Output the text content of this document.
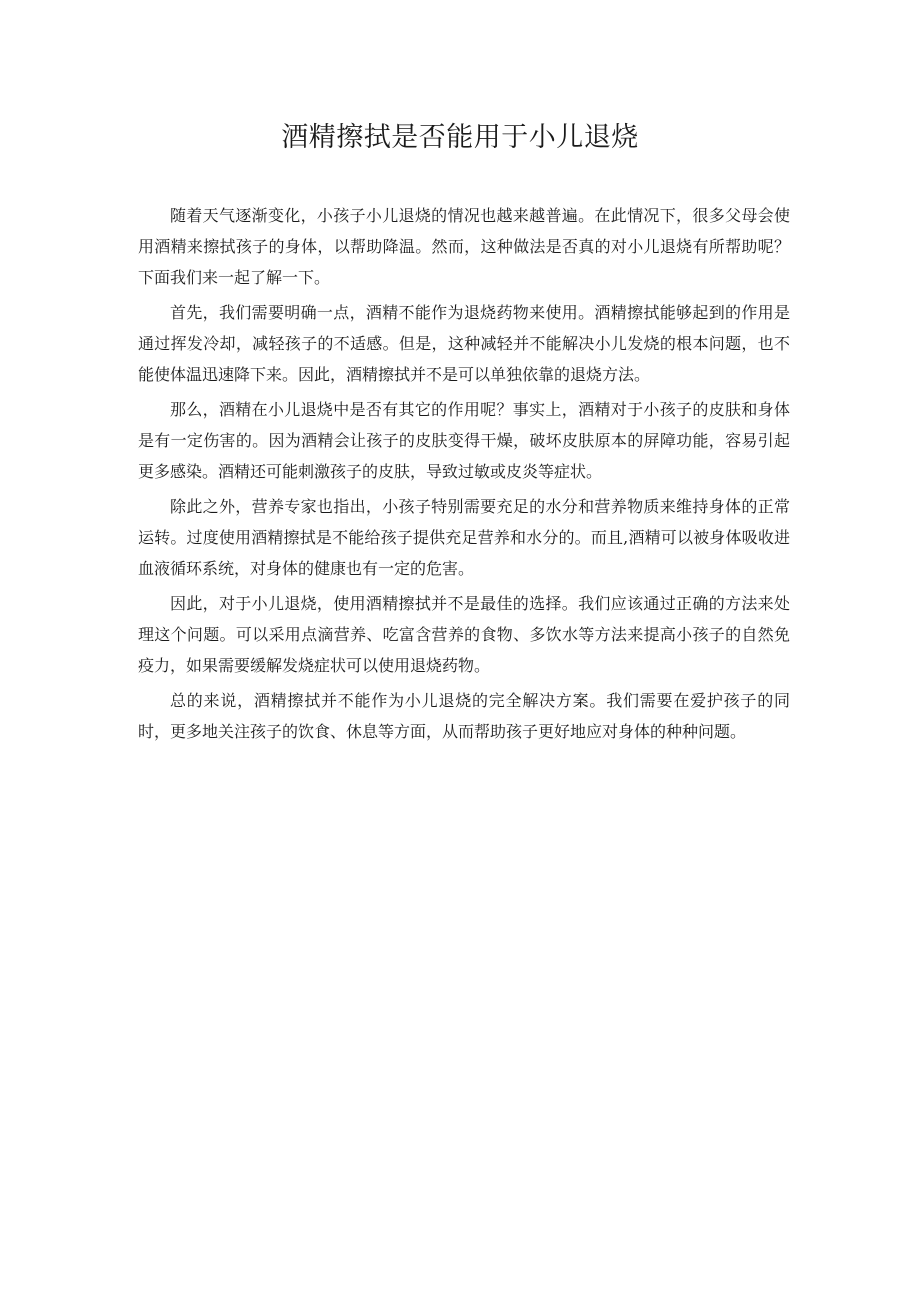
酒精擦拭是否能用于小儿退烧

随着天气逐渐变化，小孩子小儿退烧的情况也越来越普遍。在此情况下，很多父母会使用酒精来擦拭孩子的身体，以帮助降温。然而，这种做法是否真的对小儿退烧有所帮助呢？下面我们来一起了解一下。

首先，我们需要明确一点，酒精不能作为退烧药物来使用。酒精擦拭能够起到的作用是通过挥发冷却，减轻孩子的不适感。但是，这种减轻并不能解决小儿发烧的根本问题，也不能使体温迅速降下来。因此，酒精擦拭并不是可以单独依靠的退烧方法。

那么，酒精在小儿退烧中是否有其它的作用呢？事实上，酒精对于小孩子的皮肤和身体是有一定伤害的。因为酒精会让孩子的皮肤变得干燥，破坏皮肤原本的屏障功能，容易引起更多感染。酒精还可能刺激孩子的皮肤，导致过敏或皮炎等症状。

除此之外，营养专家也指出，小孩子特别需要充足的水分和营养物质来维持身体的正常运转。过度使用酒精擦拭是不能给孩子提供充足营养和水分的。而且,酒精可以被身体吸收进血液循环系统，对身体的健康也有一定的危害。

因此，对于小儿退烧，使用酒精擦拭并不是最佳的选择。我们应该通过正确的方法来处理这个问题。可以采用点滴营养、吃富含营养的食物、多饮水等方法来提高小孩子的自然免疫力，如果需要缓解发烧症状可以使用退烧药物。

总的来说，酒精擦拭并不能作为小儿退烧的完全解决方案。我们需要在爱护孩子的同时，更多地关注孩子的饮食、休息等方面，从而帮助孩子更好地应对身体的种种问题。
